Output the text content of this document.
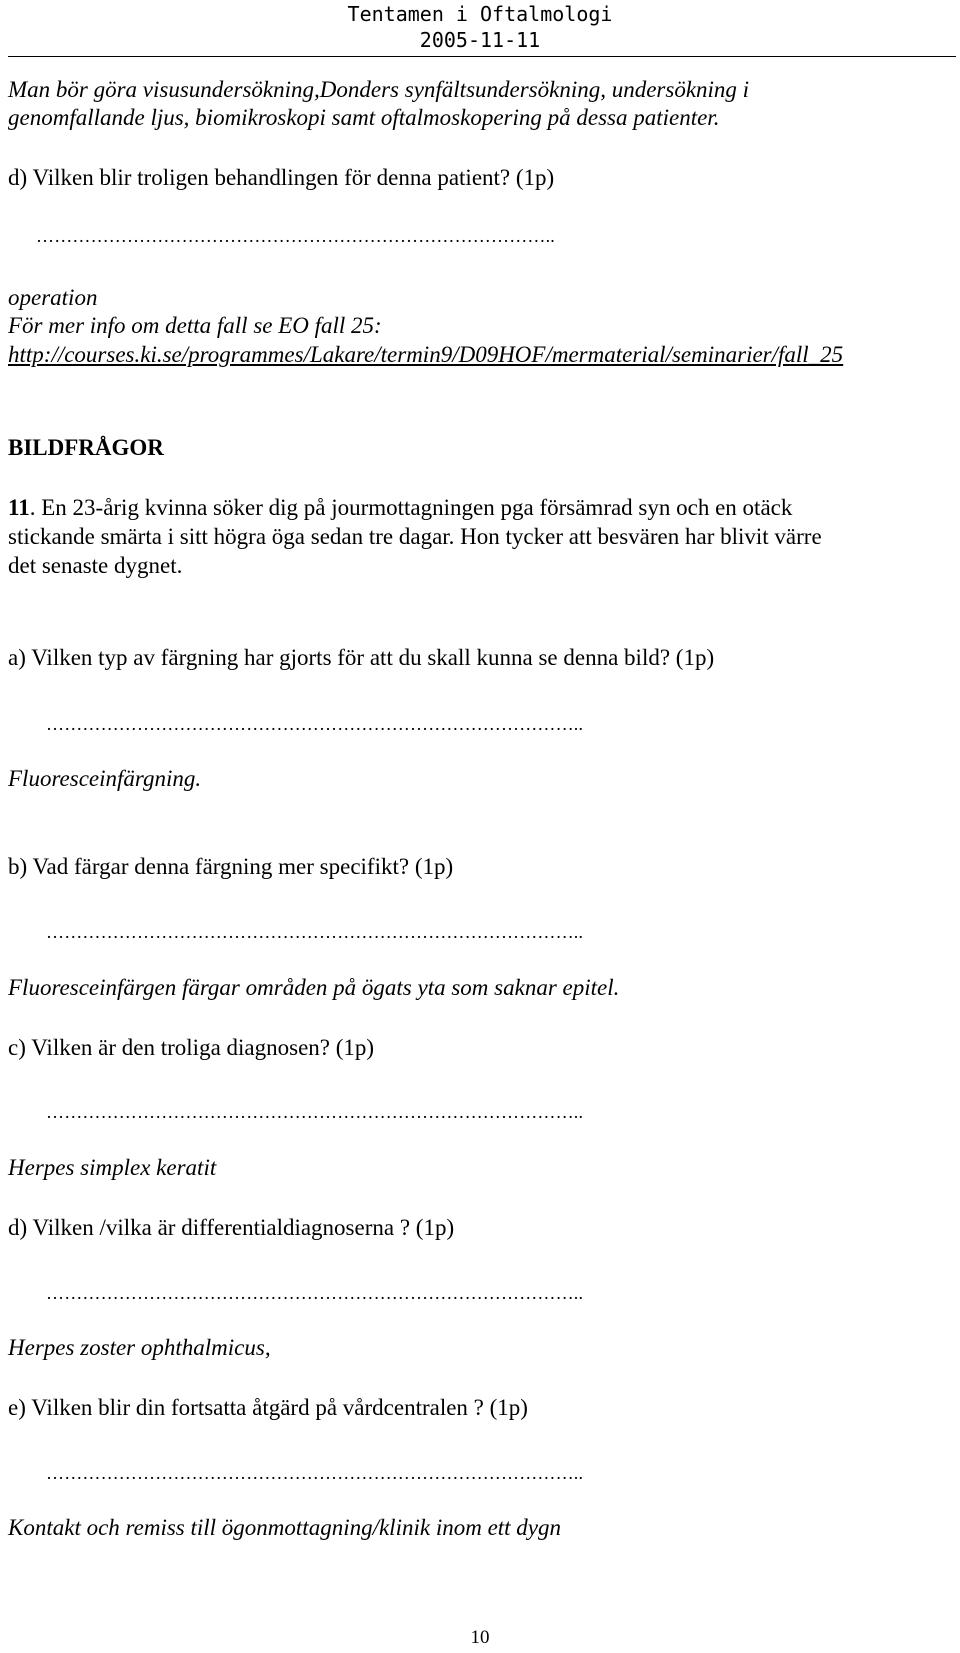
Tentamen i Oftalmologi
2005-11-11
Man bör göra visusundersökning,Donders synfältsundersökning, undersökning i
genomfallande ljus, biomikroskopi samt oftalmoskopering på dessa patienter.
d) Vilken blir troligen behandlingen för denna patient? (1p)
…………………………………………………………………………..
operation
För mer info om detta fall se EO fall 25:
http://courses.ki.se/programmes/Lakare/termin9/D09HOF/mermaterial/seminarier/fall_25
BILDFRÅGOR
11. En 23-årig kvinna söker dig på jourmottagningen pga försämrad syn och en otäck
stickande smärta i sitt högra öga sedan tre dagar. Hon tycker att besvären har blivit värre
det senaste dygnet.
a) Vilken typ av färgning har gjorts för att du skall kunna se denna bild? (1p)
……………………………………………………………………………..
Fluoresceinfärgning.
b) Vad färgar denna färgning mer specifikt? (1p)
……………………………………………………………………………..
Fluoresceinfärgen färgar områden på ögats yta som saknar epitel.
c) Vilken är den troliga diagnosen? (1p)
……………………………………………………………………………..
Herpes simplex keratit
d) Vilken /vilka är differentialdiagnoserna ? (1p)
……………………………………………………………………………..
Herpes zoster ophthalmicus,
e) Vilken blir din fortsatta åtgärd på vårdcentralen ? (1p)
……………………………………………………………………………..
Kontakt och remiss till ögonmottagning/klinik inom ett dygn
10
